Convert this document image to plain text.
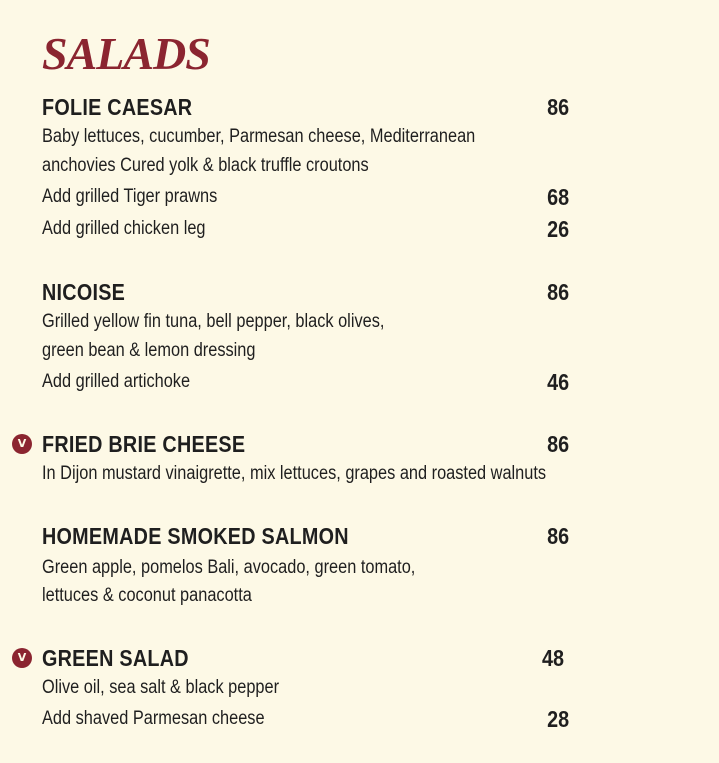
SALADS
FOLIE CAESAR	86
Baby lettuces, cucumber, Parmesan cheese, Mediterranean
anchovies Cured yolk & black truffle croutons
Add grilled Tiger prawns	68
Add grilled chicken leg	26
NICOISE	86
Grilled yellow fin tuna, bell pepper, black olives,
green bean & lemon dressing
Add grilled artichoke	46
V FRIED BRIE CHEESE	86
In Dijon mustard vinaigrette, mix lettuces, grapes and roasted walnuts
HOMEMADE SMOKED SALMON	86
Green apple, pomelos Bali, avocado, green tomato,
lettuces & coconut panacotta
V GREEN SALAD	48
Olive oil, sea salt & black pepper
Add shaved Parmesan cheese	28
